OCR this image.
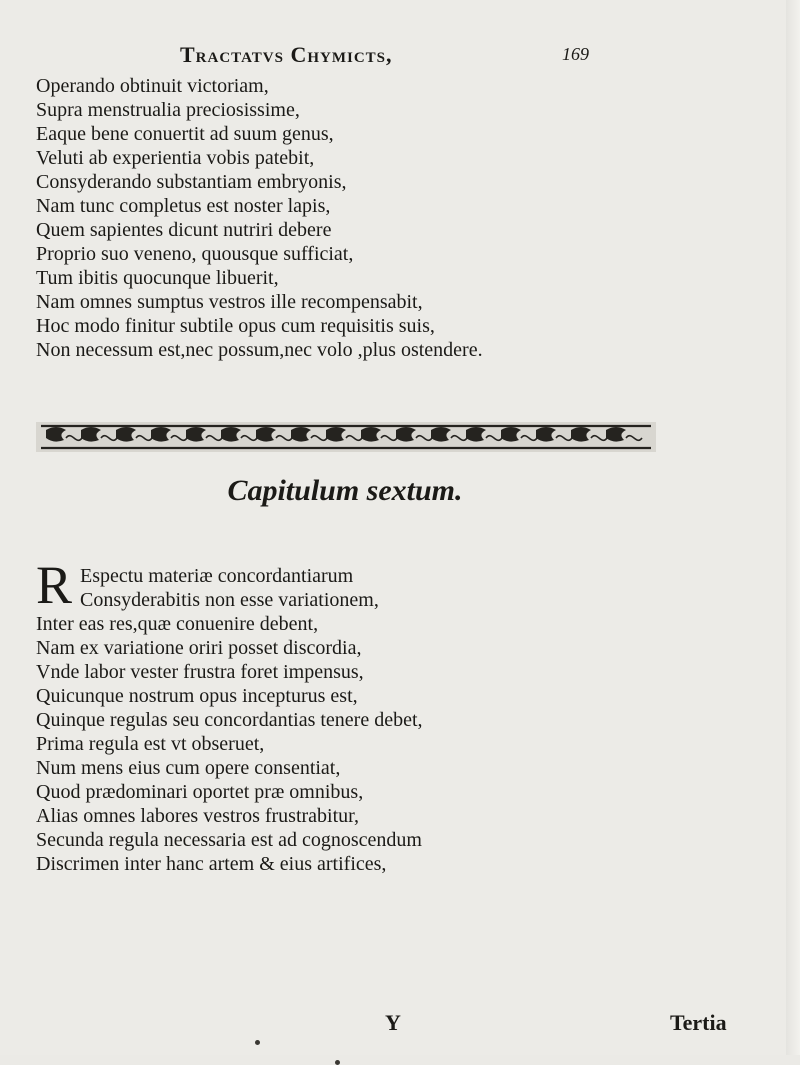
Tractatvs Chymicts,	169
Operando obtinuit victoriam,
Supra menstrualia preciosissime,
Eaque bene conuertit ad suum genus,
Veluti ab experientia vobis patebit,
Consyderando substantiam embryonis,
Nam tunc completus est noster lapis,
Quem sapientes dicunt nutriri debere
Proprio suo veneno, quousque sufficiat,
Tum ibitis quocunque libuerit,
Nam omnes sumptus vestros ille recompensabit,
Hoc modo finitur subtile opus cum requisitis suis,
Non necessum est,nec possum,nec volo ,plus ostendere.
Capitulum sextum.
R Espectu materiæ concordantiarum
Consyderabitis non esse variationem,
Inter eas res,quæ conuenire debent,
Nam ex variatione oriri posset discordia,
Vnde labor vester frustra foret impensus,
Quicunque nostrum opus incepturus est,
Quinque regulas seu concordantias tenere debet,
Prima regula est vt obseruet,
Num mens eius cum opere consentiat,
Quod prædominari oportet præ omnibus,
Alias omnes labores vestros frustrabitur,
Secunda regula necessaria est ad cognoscendum
Discrimen inter hanc artem & eius artifices,
Y	Tertia
